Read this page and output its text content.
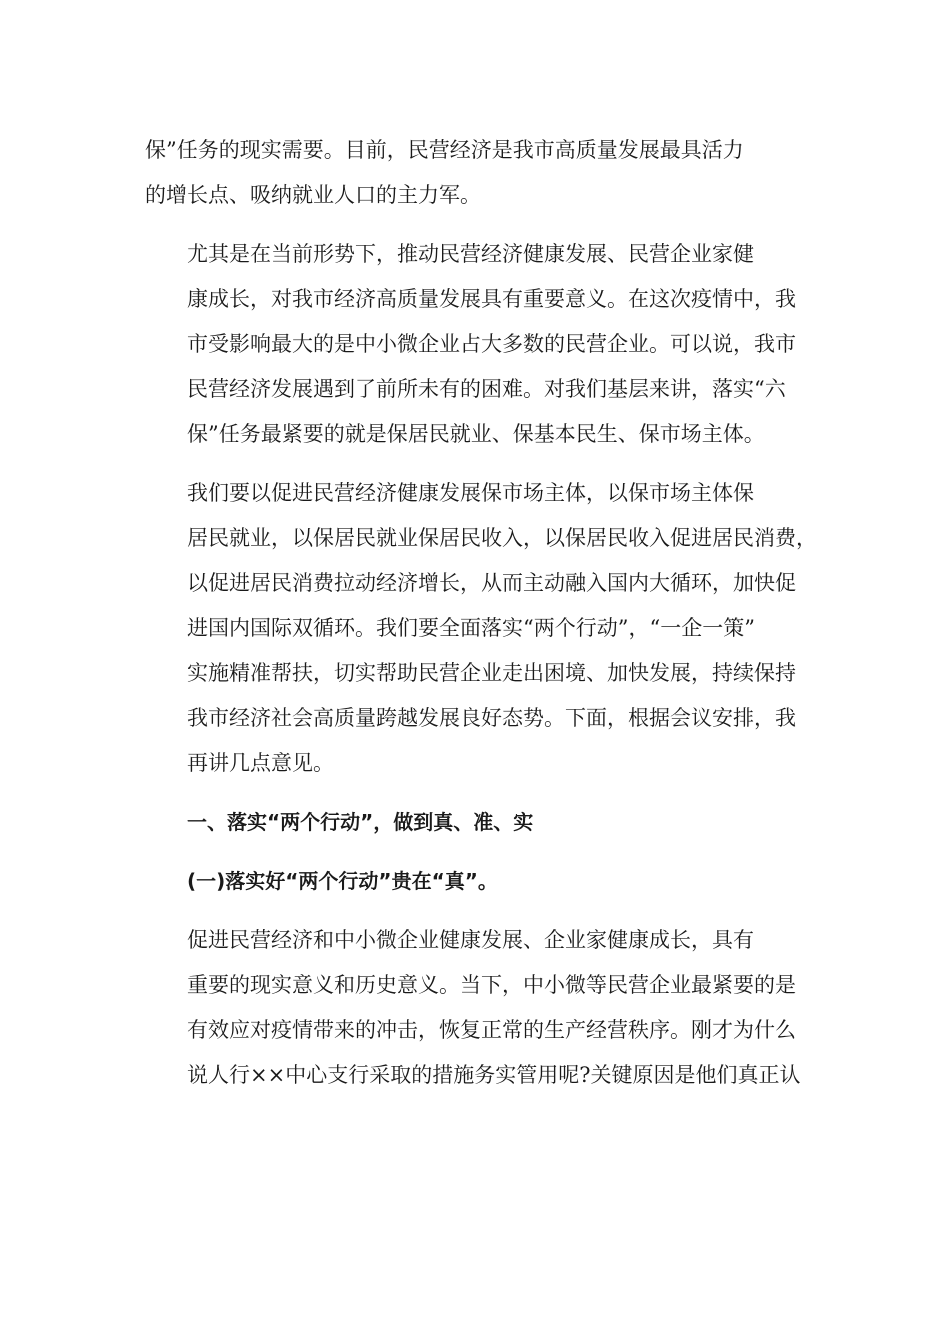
保”任务的现实需要。目前，民营经济是我市高质量发展最具活力
的增长点、吸纳就业人口的主力军。
尤其是在当前形势下，推动民营经济健康发展、民营企业家健
康成长，对我市经济高质量发展具有重要意义。在这次疫情中，我
市受影响最大的是中小微企业占大多数的民营企业。可以说，我市
民营经济发展遇到了前所未有的困难。对我们基层来讲，落实“六
保”任务最紧要的就是保居民就业、保基本民生、保市场主体。
我们要以促进民营经济健康发展保市场主体，以保市场主体保
居民就业，以保居民就业保居民收入，以保居民收入促进居民消费，
以促进居民消费拉动经济增长，从而主动融入国内大循环，加快促
进国内国际双循环。我们要全面落实“两个行动”，“一企一策”
实施精准帮扶，切实帮助民营企业走出困境、加快发展，持续保持
我市经济社会高质量跨越发展良好态势。下面，根据会议安排，我
再讲几点意见。
一、落实“两个行动”，做到真、准、实
(一)落实好“两个行动”贵在“真”。
促进民营经济和中小微企业健康发展、企业家健康成长，具有
重要的现实意义和历史意义。当下，中小微等民营企业最紧要的是
有效应对疫情带来的冲击，恢复正常的生产经营秩序。刚才为什么
说人行××中心支行采取的措施务实管用呢?关键原因是他们真正认
